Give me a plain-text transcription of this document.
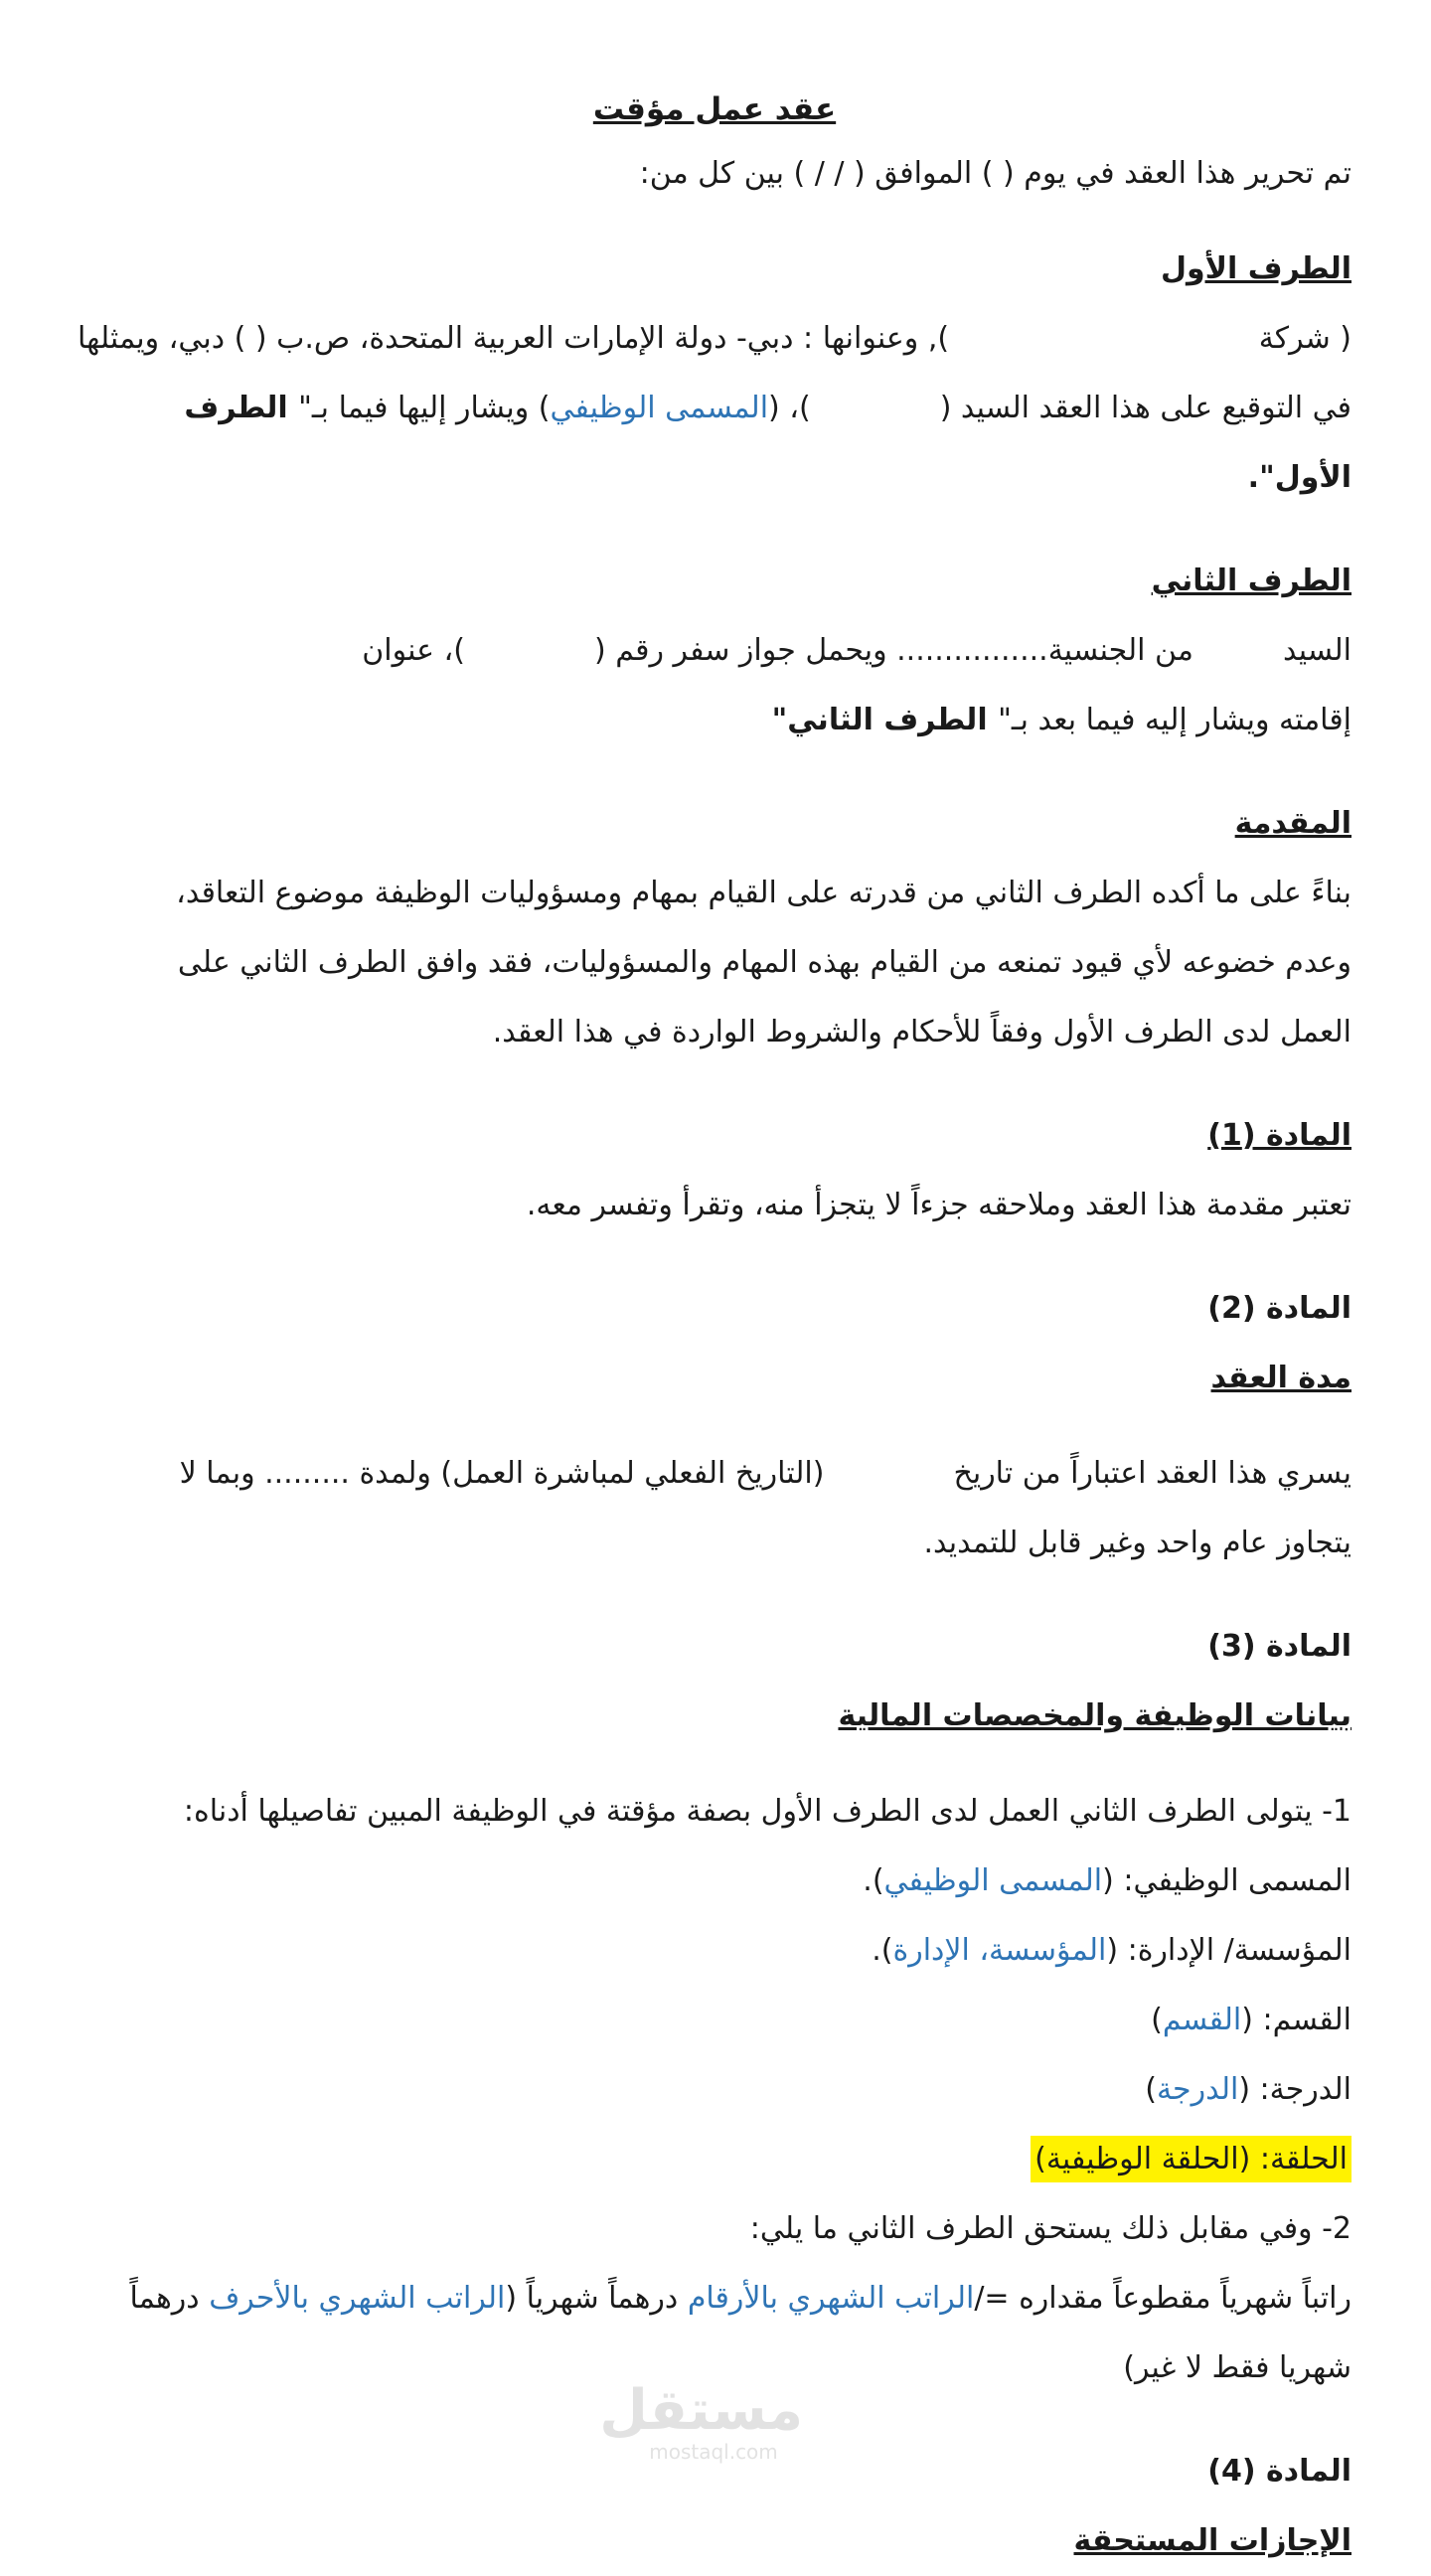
عقد عمل مؤقت

تم تحرير هذا العقد في يوم ( ) الموافق ( / / ) بين كل من:

الطرف الأول

( شركة
), وعنوانها : دبي- دولة الإمارات العربية المتحدة، ص.ب ( ) دبي، ويمثلها

في التوقيع على هذا العقد السيد ()، (المسمى الوظيفي) ويشار إليها فيما بـ" الطرف

الأول".

الطرف الثاني

السيدمن الجنسية................ ويحمل جواز سفر رقم ()، عنوان

إقامته ويشار إليه فيما بعد بـ" الطرف الثاني"

المقدمة

بناءً على ما أكده الطرف الثاني من قدرته على القيام بمهام ومسؤوليات الوظيفة موضوع التعاقد،

وعدم خضوعه لأي قيود تمنعه من القيام بهذه المهام والمسؤوليات، فقد وافق الطرف الثاني على

العمل لدى الطرف الأول وفقاً للأحكام والشروط الواردة في هذا العقد.

المادة (1)

تعتبر مقدمة هذا العقد وملاحقه جزءاً لا يتجزأ منه، وتقرأ وتفسر معه.

المادة (2)

مدة العقد

يسري هذا العقد اعتباراً من تاريخ(التاريخ الفعلي لمباشرة العمل) ولمدة ......... وبما لا

يتجاوز عام واحد وغير قابل للتمديد.

المادة (3)

بيانات الوظيفة والمخصصات المالية

1- يتولى الطرف الثاني العمل لدى الطرف الأول بصفة مؤقتة في الوظيفة المبين تفاصيلها أدناه:

المسمى الوظيفي: (المسمى الوظيفي).

المؤسسة/ الإدارة: (المؤسسة، الإدارة).

القسم: (القسم)

الدرجة: (الدرجة)

الحلقة: (الحلقة الوظيفية)

2- وفي مقابل ذلك يستحق الطرف الثاني ما يلي:

راتباً شهرياً مقطوعاً مقداره =/الراتب الشهري بالأرقام درهماً شهرياً (الراتب الشهري بالأحرف درهماً

شهريا فقط لا غير)

المادة (4)

الإجازات المستحقة

مستقل
mostaql.com
